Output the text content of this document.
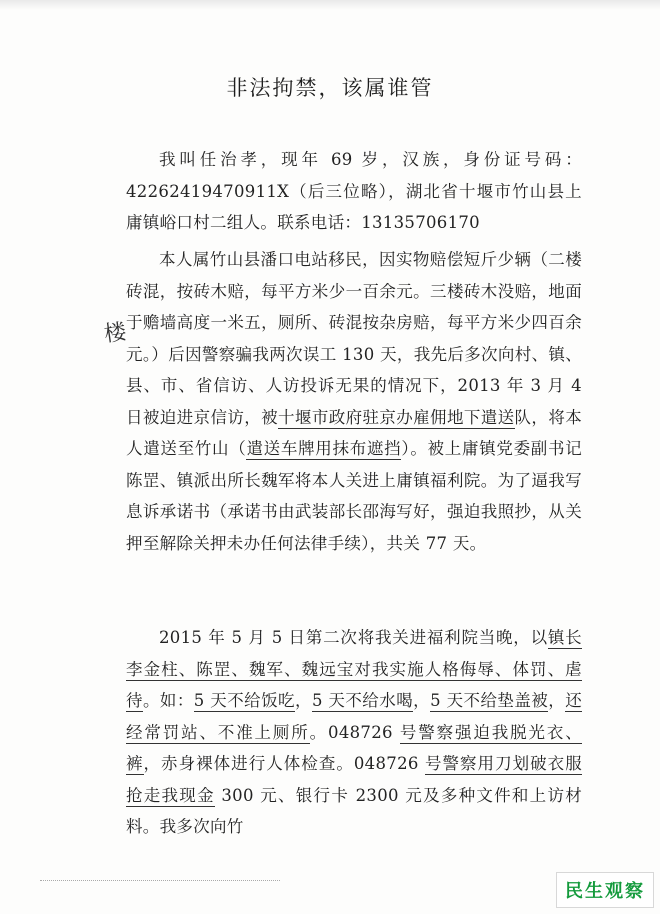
非法拘禁，该属谁管
我叫任治孝，现年 69 岁，汉族，身份证号码：42262419470911X（后三位略），湖北省十堰市竹山县上庸镇峪口村二组人。联系电话：13135706170
本人属竹山县潘口电站移民，因实物赔偿短斤少辆（二楼砖混，按砖木赔，每平方米少一百余元。三楼砖木没赔，地面于赡墙高度一米五，厕所、砖混按杂房赔，每平方米少四百余元。）后因警察骗我两次误工 130 天，我先后多次向村、镇、县、市、省信访、人访投诉无果的情况下，2013 年 3 月 4 日被迫进京信访，被十堰市政府驻京办雇佣地下遣送队，将本人遣送至竹山（遣送车牌用抹布遮挡）。被上庸镇党委副书记陈罡、镇派出所长魏军将本人关进上庸镇福利院。为了逼我写息诉承诺书（承诺书由武装部长邵海写好，强迫我照抄，从关押至解除关押未办任何法律手续），共关 77 天。
楼
2015 年 5 月 5 日第二次将我关进福利院当晚，以镇长李金柱、陈罡、魏军、魏远宝对我实施人格侮辱、体罚、虐待。如：5 天不给饭吃，5 天不给水喝，5 天不给垫盖被，还经常罚站、不准上厕所。048726 号警察强迫我脱光衣、裤，赤身裸体进行人体检查。048726 号警察用刀划破衣服抢走我现金 300 元、银行卡 2300 元及多种文件和上访材料。我多次向竹
民生观察
